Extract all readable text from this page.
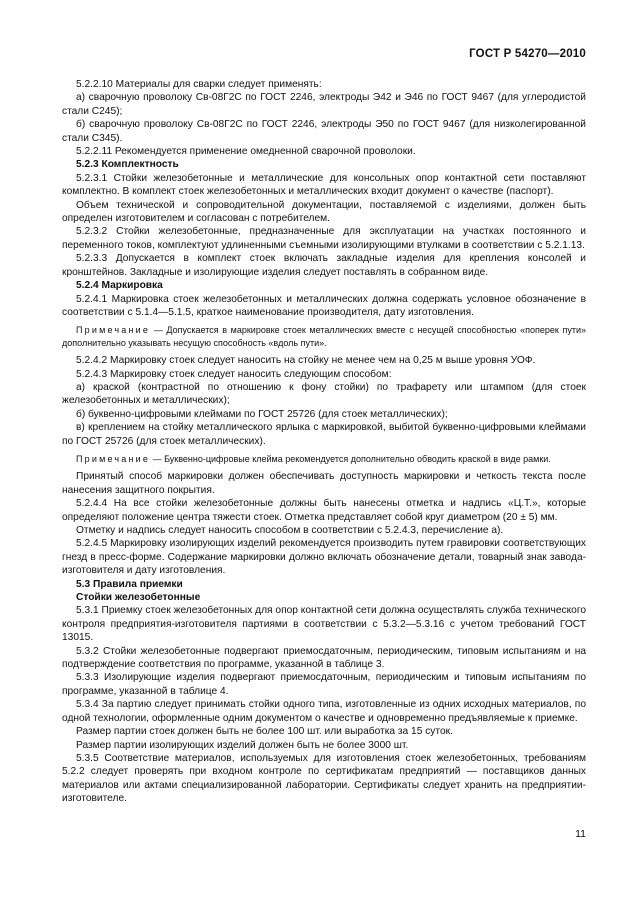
ГОСТ Р 54270—2010
5.2.2.10 Материалы для сварки следует применять:
а) сварочную проволоку Св-08Г2С по ГОСТ 2246, электроды Э42 и Э46 по ГОСТ 9467 (для углеродистой стали С245);
б) сварочную проволоку Св-08Г2С по ГОСТ 2246, электроды Э50 по ГОСТ 9467 (для низколегированной стали С345).
5.2.2.11 Рекомендуется применение омедненной сварочной проволоки.
5.2.3 Комплектность
5.2.3.1 Стойки железобетонные и металлические для консольных опор контактной сети поставляют комплектно. В комплект стоек железобетонных и металлических входит документ о качестве (паспорт).
Объем технической и сопроводительной документации, поставляемой с изделиями, должен быть определен изготовителем и согласован с потребителем.
5.2.3.2 Стойки железобетонные, предназначенные для эксплуатации на участках постоянного и переменного токов, комплектуют удлиненными съемными изолирующими втулками в соответствии с 5.2.1.13.
5.2.3.3 Допускается в комплект стоек включать закладные изделия для крепления консолей и кронштейнов. Закладные и изолирующие изделия следует поставлять в собранном виде.
5.2.4 Маркировка
5.2.4.1 Маркировка стоек железобетонных и металлических должна содержать условное обозначение в соответствии с 5.1.4—5.1.5, краткое наименование производителя, дату изготовления.
Примечание — Допускается в маркировке стоек металлических вместе с несущей способностью «поперек пути» дополнительно указывать несущую способность «вдоль пути».
5.2.4.2 Маркировку стоек следует наносить на стойку не менее чем на 0,25 м выше уровня УОФ.
5.2.4.3 Маркировку стоек следует наносить следующим способом:
а) краской (контрастной по отношению к фону стойки) по трафарету или штампом (для стоек железобетонных и металлических);
б) буквенно-цифровыми клеймами по ГОСТ 25726 (для стоек металлических);
в) креплением на стойку металлического ярлыка с маркировкой, выбитой буквенно-цифровыми клеймами по ГОСТ 25726 (для стоек металлических).
Примечание — Буквенно-цифровые клейма рекомендуется дополнительно обводить краской в виде рамки.
Принятый способ маркировки должен обеспечивать доступность маркировки и четкость текста после нанесения защитного покрытия.
5.2.4.4 На все стойки железобетонные должны быть нанесены отметка и надпись «Ц.Т.», которые определяют положение центра тяжести стоек. Отметка представляет собой круг диаметром (20 ± 5) мм.
Отметку и надпись следует наносить способом в соответствии с 5.2.4.3, перечисление а).
5.2.4.5 Маркировку изолирующих изделий рекомендуется производить путем гравировки соответствующих гнезд в пресс-форме. Содержание маркировки должно включать обозначение детали, товарный знак завода-изготовителя и дату изготовления.
5.3 Правила приемки
Стойки железобетонные
5.3.1 Приемку стоек железобетонных для опор контактной сети должна осуществлять служба технического контроля предприятия-изготовителя партиями в соответствии с 5.3.2—5.3.16 с учетом требований ГОСТ 13015.
5.3.2 Стойки железобетонные подвергают приемосдаточным, периодическим, типовым испытаниям и на подтверждение соответствия по программе, указанной в таблице 3.
5.3.3 Изолирующие изделия подвергают приемосдаточным, периодическим и типовым испытаниям по программе, указанной в таблице 4.
5.3.4 За партию следует принимать стойки одного типа, изготовленные из одних исходных материалов, по одной технологии, оформленные одним документом о качестве и одновременно предъявляемые к приемке.
Размер партии стоек должен быть не более 100 шт. или выработка за 15 суток.
Размер партии изолирующих изделий должен быть не более 3000 шт.
5.3.5 Соответствие материалов, используемых для изготовления стоек железобетонных, требованиям 5.2.2 следует проверять при входном контроле по сертификатам предприятий — поставщиков данных материалов или актами специализированной лаборатории. Сертификаты следует хранить на предприятии-изготовителе.
11
